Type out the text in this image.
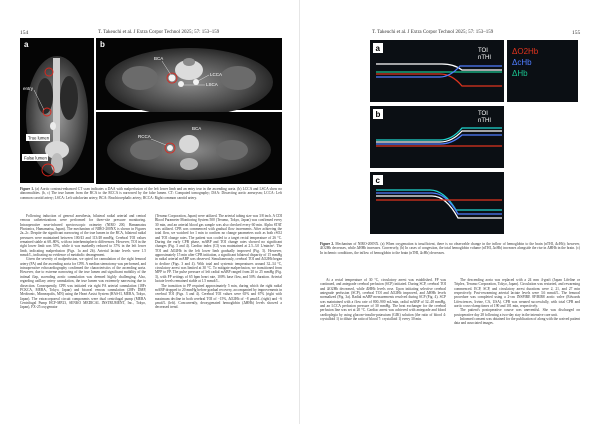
154	T. Takeuchi et al. J Extra Corpor Technol 2025; 57: 153–159
a
entry
True lumen
False lumen
b
BCA
LCCA
LSCA
RCCA
BCA
Figure 1. (a) Aortic contrast-enhanced CT scan indicates a DAA with malperfusion of the left lower limb and an entry tear in the ascending aorta. (b) LCCA and LSCA show no abnormalities. (b, c) The true lumen from the BCA to the RCCA is narrowed by the false lumen. CT: Computed tomography; DAA: Dissecting aortic aneurysm; LCCA: Left common carotid artery; LSCA: Left subclavian artery; BCA: Brachiocephalic artery; RCCA: Right common carotid artery.

Following induction of general anesthesia, bilateral radial arterial and central venous catheterizations were performed for three-site pressure monitoring. Intraoperative near-infrared spectroscopic oximetry (NIRO 200, Hamamatsu Photonics, Hamamatsu, Japan). The mechanism of NIRO-200NX is shown in Figures 2a–2c. Despite the significant narrowing of the true lumen in the BCA, bilateral radial pressures were maintained between 100/43 and 113/48 mmHg. Cerebral TOI values remained stable at 68–80%, with no interhemispheric differences. However, TOI in the right lower limb was 55%, while it was markedly reduced to 37% in the left lower limb, indicating malperfusion (Figs. 1a and 2b). Arterial lactate levels were 1.5 mmol/L, indicating no evidence of metabolic derangement.

Given the severity of malperfusion, we opted for cannulation of the right femoral artery (FA) and the ascending aorta for CPB. A median sternotomy was performed, and intraoperative echocardiography confirmed the characteristics of the ascending aorta. However, due to extreme narrowing of the true lumen and significant mobility of the intimal flap, ascending aortic cannulation was deemed highly challenging. Also, regarding axillary artery cannulation, the true lumen was extremely narrowing due to dissection. Consequently, CPB was initiated via right FA arterial cannulation (18Fr PCKCA, MERA, Tokyo, Japan) and bicaval venous cannulation (28Fr DMP, Medtronic, Minneapolis, MN) using the Heart Assist System (HAS-II, MERA, Tokyo, Japan). The extracorporeal circuit components were dual centrifugal pump (MERA Centrifugal Pump HCF-MP23, SENKO MEDICAL INSTRUMENT, Inc., Tokyo, Japan), FX-25 oxygenator

(Terumo Corporation, Japan) were utilized. The arterial tubing size was 3/8 inch. A CDI Blood Parameter Monitoring System 500 (Terumo, Tokyo, Japan) was confirmed every 30 min, and an arterial blood gas sample was also checked every 60 min. Alpha STAT was utilized. CPB was commenced with gradual flow increments. After achieving the total flow, we watched for 1 min to confirm no change parameters such as both rSO2 and TOI change rates. The patient was cooled to a target rectal temperature of 26 °C. During the early CPB phase, mABP and TOI change rates showed no significant changes (Fig. 3 and 4). Cardiac index (CI) was maintained at 2.5–3.0 L/min/m². The TOI and ΔO2Hb in the left lower limb gradually improved (Fig. 3). However, approximately 15 min after CPB initiation, a significant bilateral disparity of 15 mmHg in radial arterial mABP was observed. Simultaneously, cerebral TOI and ΔO2Hb began to decline (Figs. 3 and 4). With total and systemic temperatures around 32–34 °C, circulatory arrest was limited at 30 °C. To mitigate malperfusion, we transitioned from MPP to FP. The pulse pressure of left radial mABP ranged from 20 to 25 mmHg (Fig. 3), with FP settings of 65 bpm heart rate, 100% base flow, and 50% duration. Arterial lactate levels remained stable at 1.5 mmol/L.

The transition to FP required approximately 5 min, during which the right radial mABP dropped to 20 mmHg before gradual recovery, accompanied by improvements in cerebral TOI (Figs. 3 and 4). Cerebral TOI values were 65% and 67% (right with maximum decline in both cerebral TOI of −15%, ΔO2Hb of −8 μmol/L (right) and −6 μmol/L (left). Concurrently, deoxygenated hemoglobin (ΔHHb) levels showed a decreased trend.

T. Takeuchi et al. J Extra Corpor Technol 2025; 57: 153–159	155
a	TOI
nTHI
b	TOI
nTHI
c
ΔO2Hb
ΔcHb
ΔHb
Figure 2. Mechanism of NIRO-200NX. (a) When oxygenation is insufficient, there is no observable change in the inflow of hemoglobin to the brain (nTHI, ΔcHb); however, ΔO2Hb decreases, while ΔHHb increases. Conversely, (b) In cases of congestion, the total hemoglobin volume (nTHI, ΔcHb) increases alongside the rise in ΔHHb in the brain. (c) In ischemic conditions, the inflow of hemoglobin to the brain (nTHI, ΔcHb) decreases.

At a rectal temperature of 30 °C, circulatory arrest was established. FP was continued, and antegrade cerebral perfusion (SCP) initiated. During SCP, cerebral TOI and ΔO2Hb decreased, while ΔHHb levels rose. Upon initiating selective cerebral antegrade perfusion (SCP), cerebral TOI and ΔO2Hb improved, and ΔHHb levels normalized (Fig. 3a). Radial mABP measurements resolved during SCP (Fig. 4). SCP was maintained with a flow rate of 800–900 mL/min, radial mABP of 32–48 mmHg, and an LCCA perfusion pressure of 30 mmHg. The heat exchanger for the cerebral perfusion line was set at 20 °C. Cardiac arrest was achieved with antegrade and blood cardioplegia by using glucose-insulin-potassium (GIK) solution (the ratio of blood 4: crystalloid 1) to dilute the ratio of blood 7: crystalloid 1) every 30 min.

The descending aorta was replaced with a 24 mm 4-graft (Japan Lifeline or Triplex, Terumo Corporation, Tokyo, Japan). Circulation was restarted, and rewarming commenced. ECP, SCP, and circulatory arrest durations were 2, 21, and 27 min respectively. Post-rewarming arterial lactate levels were 3.6 mmol/L. The femoral procedure was completed using a 2-cm INSPIRE 8F/RIB8 aortic valve (Edwards Lifesciences, Irvine, CA, USA). CPB was weaned successfully, with total CPB and aortic cross-clamp times of 190 and 101 min, respectively.

The patient's postoperative course was uneventful. She was discharged on postoperative day 28 following a two-day stay in the intensive care unit.

Informed consent was obtained for the publication of along with the waived patient data and associated images.
